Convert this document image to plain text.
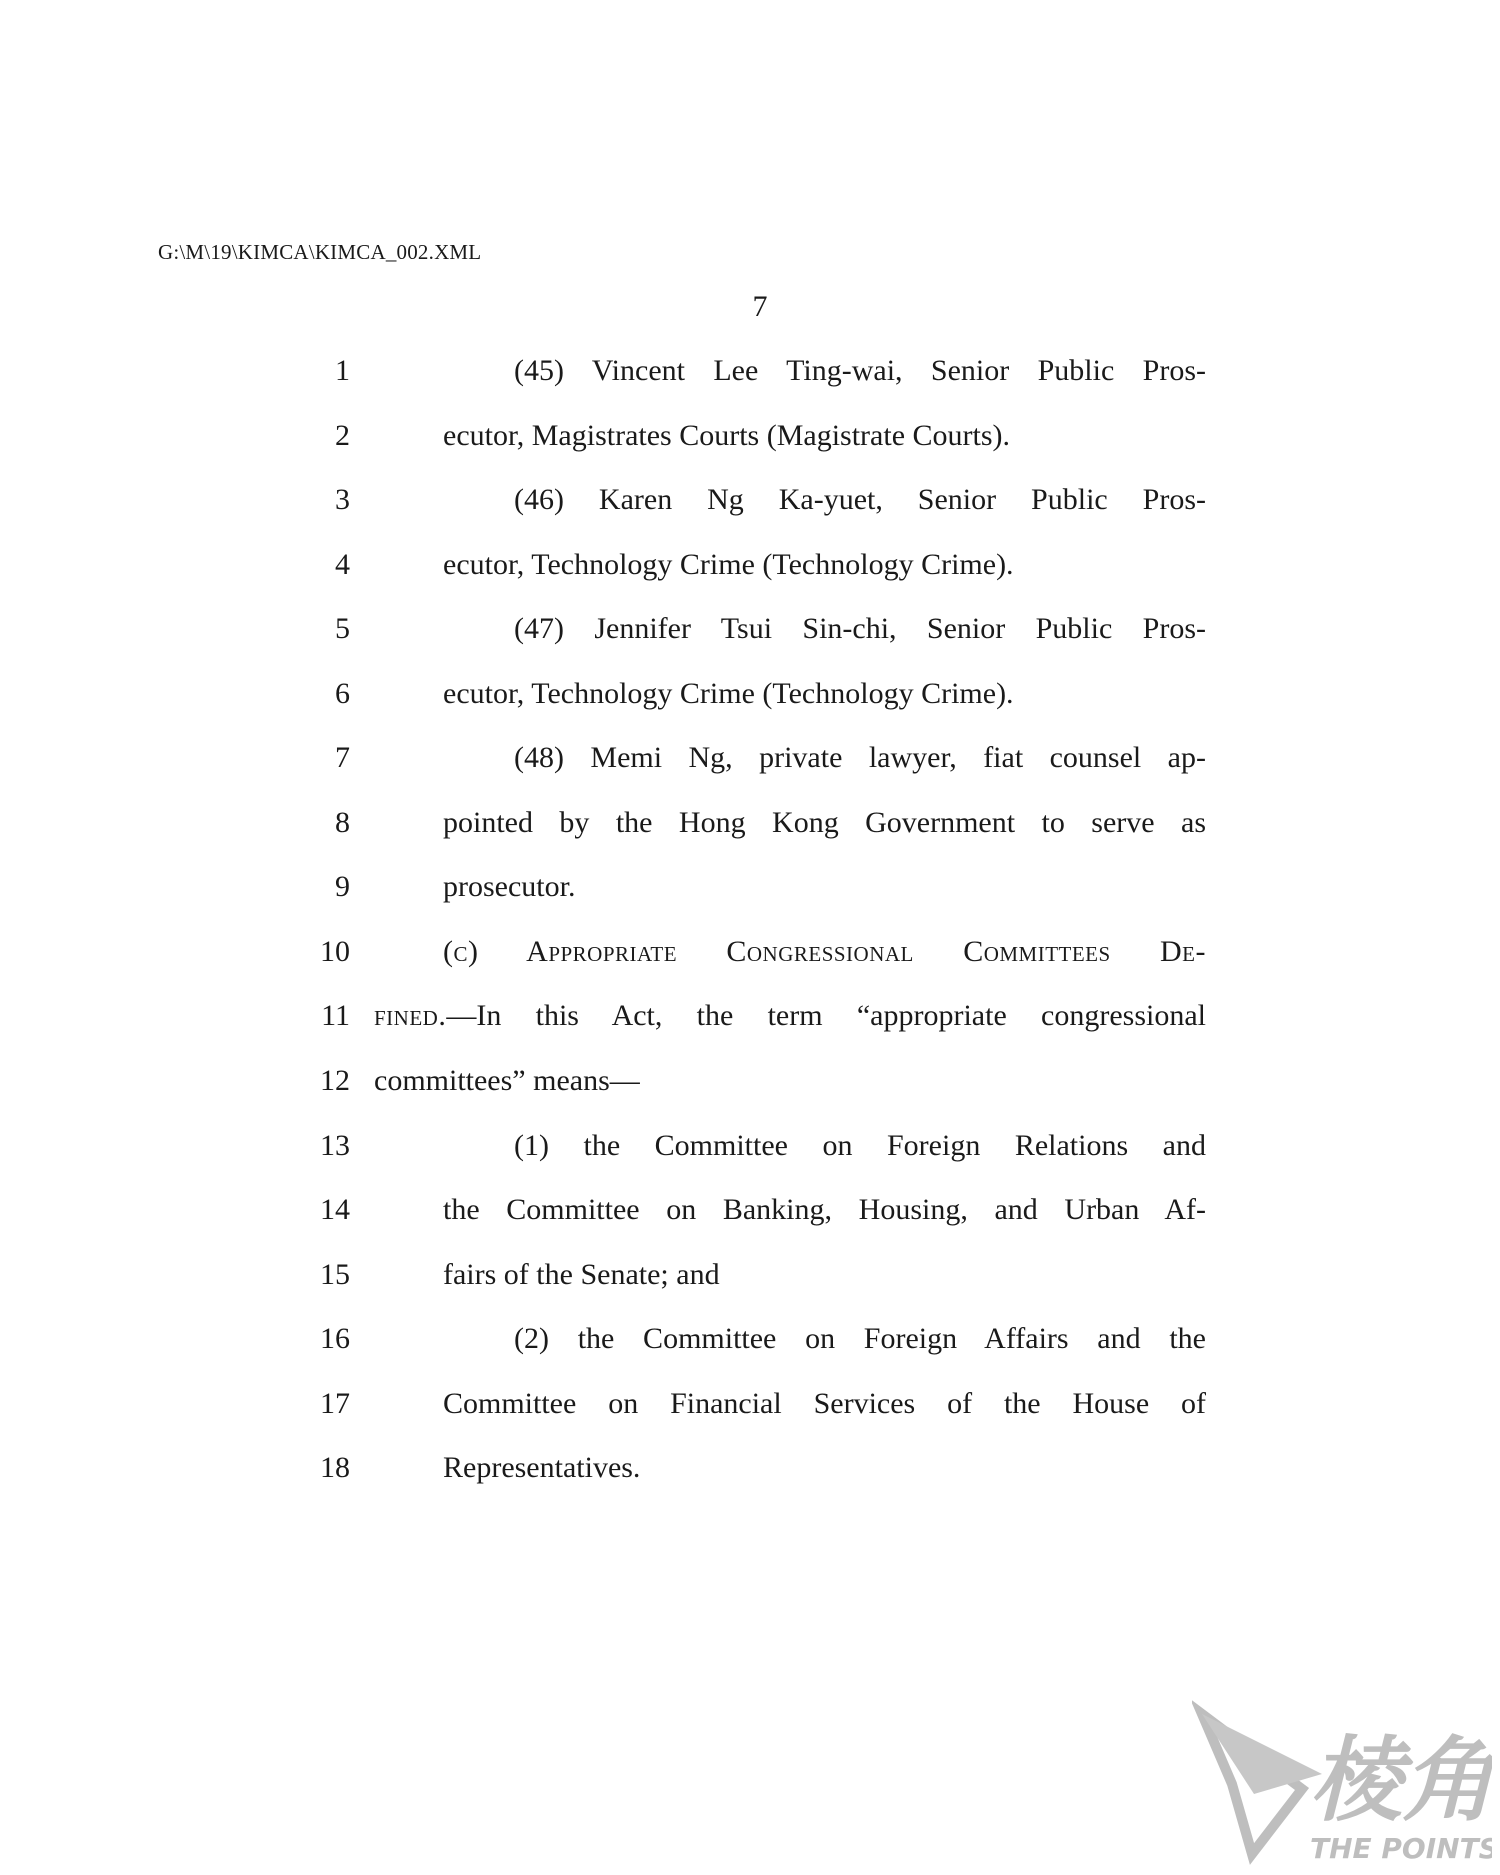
G:\M\19\KIMCA\KIMCA_002.XML
7
1
2
3
4
5
6
7
8
9
10
11
12
13
14
15
16
17
18
(45) Vincent Lee Ting-wai, Senior Public Pros-
ecutor, Magistrates Courts (Magistrate Courts).
(46) Karen Ng Ka-yuet, Senior Public Pros-
ecutor, Technology Crime (Technology Crime).
(47) Jennifer Tsui Sin-chi, Senior Public Pros-
ecutor, Technology Crime (Technology Crime).
(48) Memi Ng, private lawyer, fiat counsel ap-
pointed by the Hong Kong Government to serve as
prosecutor.
(c) Appropriate Congressional Committees De-
fined. —In this Act, the term “appropriate congressional
committees” means—
(1) the Committee on Foreign Relations and
the Committee on Banking, Housing, and Urban Af-
fairs of the Senate; and
(2) the Committee on Foreign Affairs and the
Committee on Financial Services of the House of
Representatives.
棱角
THE POINTS
